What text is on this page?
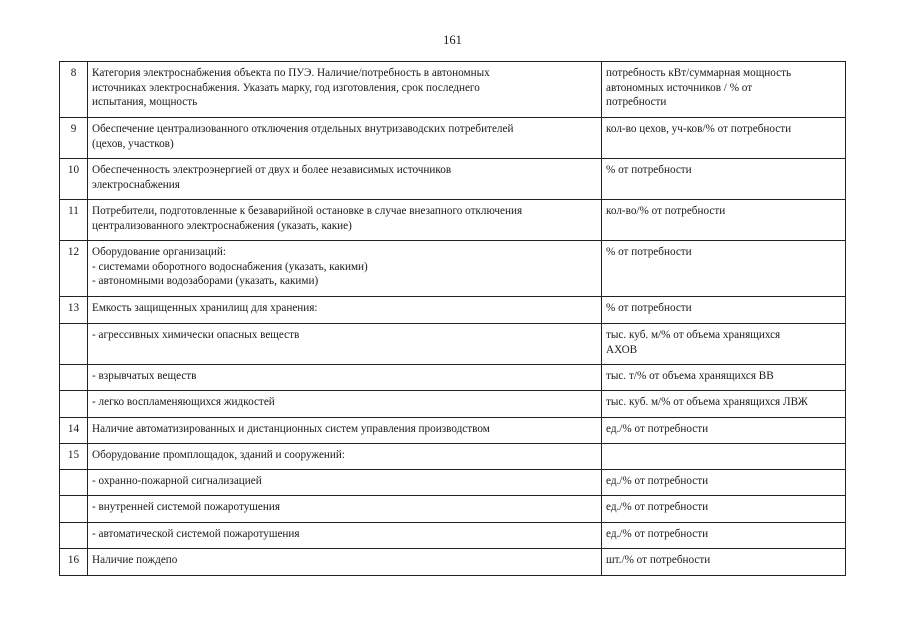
161
8	Категория электроснабжения объекта по ПУЭ. Наличие/потребность в автономных
источниках электроснабжения. Указать марку, год изготовления, срок последнего
испытания, мощность	потребность кВт/суммарная мощность
автономных источников / % от
потребности
9	Обеспечение централизованного отключения отдельных внутризаводских потребителей
(цехов, участков)	кол-во цехов, уч-ков/% от потребности
10	Обеспеченность электроэнергией от двух и более независимых источников
электроснабжения	% от потребности
11	Потребители, подготовленные к безаварийной остановке в случае внезапного отключения
централизованного электроснабжения (указать, какие)	кол-во/% от потребности
12	Оборудование организаций:
- системами оборотного водоснабжения (указать, какими)
- автономными водозаборами (указать, какими)	% от потребности
13	Емкость защищенных хранилищ для хранения:	% от потребности
	- агрессивных химически опасных веществ	тыс. куб. м/% от объема хранящихся
АХОВ
	- взрывчатых веществ	тыс. т/% от объема хранящихся ВВ
	- легко воспламеняющихся жидкостей	тыс. куб. м/% от объема хранящихся ЛВЖ
14	Наличие автоматизированных и дистанционных систем управления производством	ед./% от потребности
15	Оборудование промплощадок, зданий и сооружений:	
	- охранно-пожарной сигнализацией	ед./% от потребности
	- внутренней системой пожаротушения	ед./% от потребности
	- автоматической системой пожаротушения	ед./% от потребности
16	Наличие пождепо	шт./% от потребности
